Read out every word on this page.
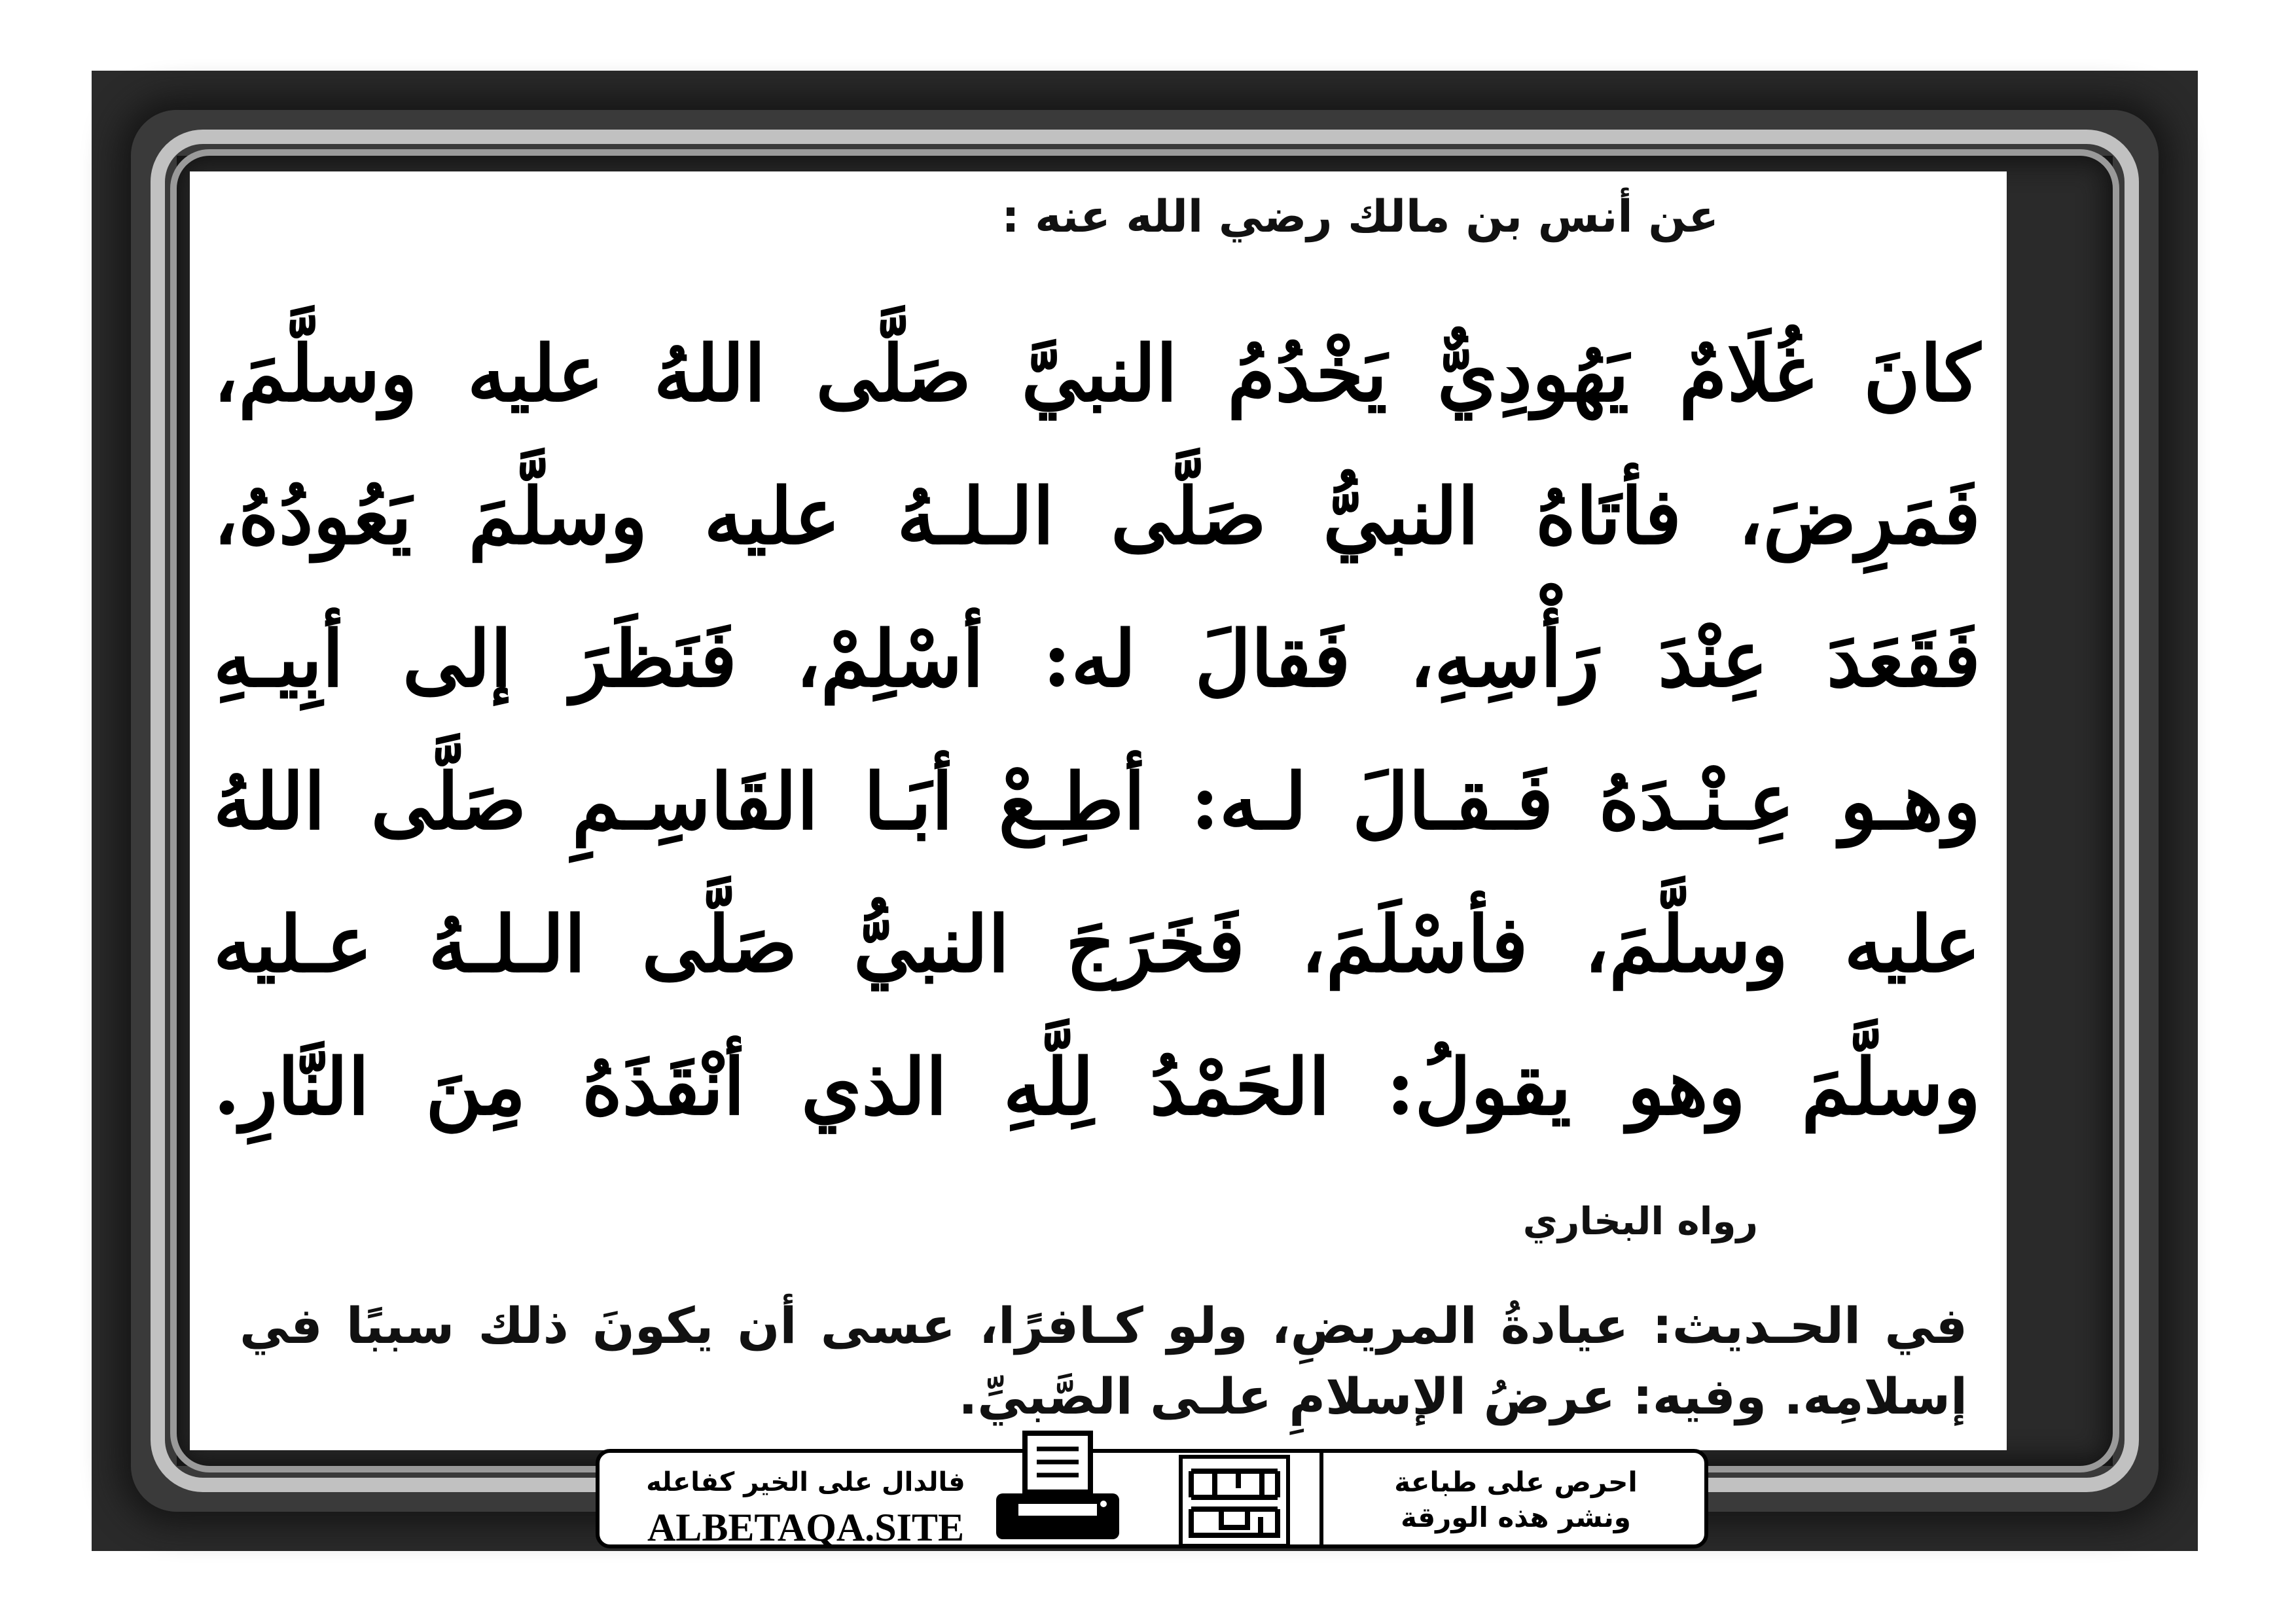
عن أنس بن مالك رضي الله عنه :
كانَ غُلَامٌ يَهُودِيٌّ يَخْدُمُ النبيَّ صَلَّى اللهُ عليه وسلَّمَ،
فَمَرِضَ، فأتَاهُ النبيُّ صَلَّى الـلـهُ عليه وسلَّمَ يَعُودُهُ،
فَقَعَدَ عِنْدَ رَأْسِهِ، فَقالَ له: أسْلِمْ، فَنَظَرَ إلى أبِيـهِ
وهـو عِـنْـدَهُ فَـقـالَ لـه: أطِـعْ أبَـا القَاسِـمِ صَلَّى اللهُ
عليه وسلَّمَ، فأسْلَمَ، فَخَرَجَ النبيُّ صَلَّى الـلـهُ عـليه
وسلَّمَ وهو يقولُ: الحَمْدُ لِلَّهِ الذي أنْقَذَهُ مِنَ النَّارِ.
رواه البخاري
في الحـديث: عيادةُ المريضِ، ولو كـافرًا، عسى أن يكونَ ذلك سببًا في
إسلامِه. وفيه: عرضُ الإسلامِ علـى الصَّبيِّ.
فالدال على الخير كفاعله
ALBETAQA.SITE
احرص على طباعة
ونشر هذه الورقة
